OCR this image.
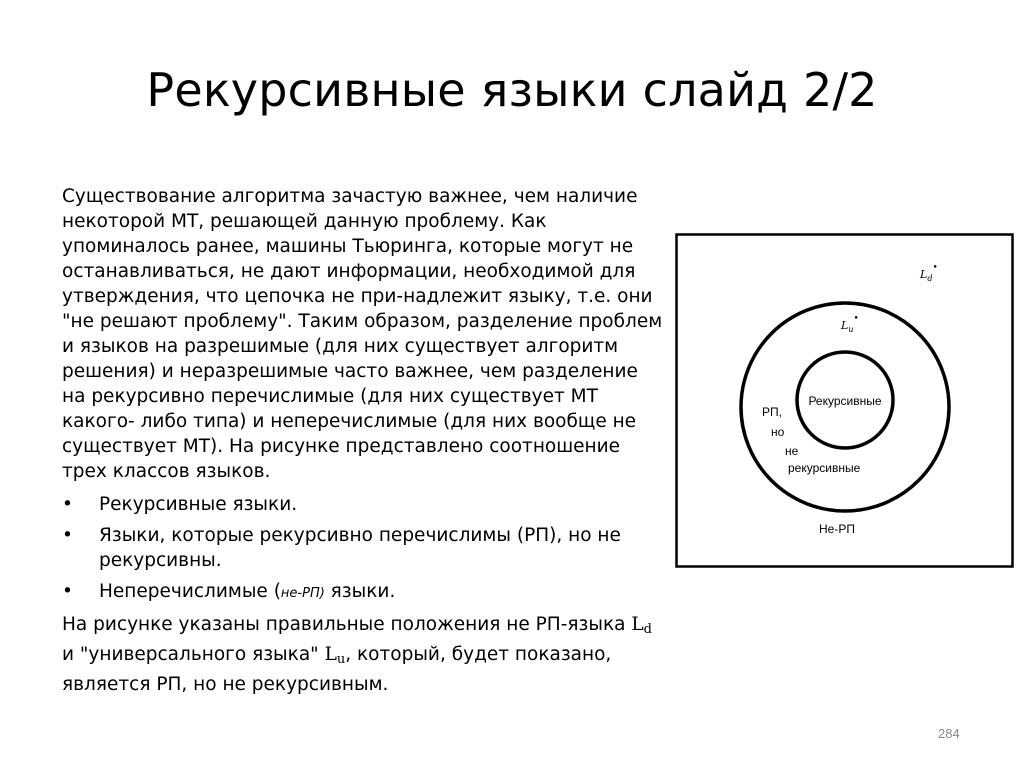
Рекурсивные языки слайд 2/2

Существование алгоритма зачастую важнее, чем наличие некоторой МТ, решающей данную проблему. Как упоминалось ранее, машины Тьюринга, которые могут не останавливаться, не дают информации, необходимой для утверждения, что цепочка не при-надлежит языку, т.е. они "не решают проблему". Таким образом, разделение проблем и языков на разрешимые (для них существует алгоритм решения) и неразрешимые часто важнее, чем разделение на рекурсивно перечислимые (для них существует МТ какого- либо типа) и неперечислимые (для них вообще не существует МТ). На рисунке представлено соотношение трех классов языков.

• Рекурсивные языки.
• Языки, которые рекурсивно перечислимы (РП), но не рекурсивны.
• Неперечислимые (не-РП) языки.

На рисунке указаны правильные положения не РП-языка $L_d$ и "универсального языка" $L_u$, который, будет показано, является РП, но не рекурсивным.

Рекурсивные
РП,
но
не
рекурсивные
Не-РП
$L_d^•$
$L_u^•$
284
